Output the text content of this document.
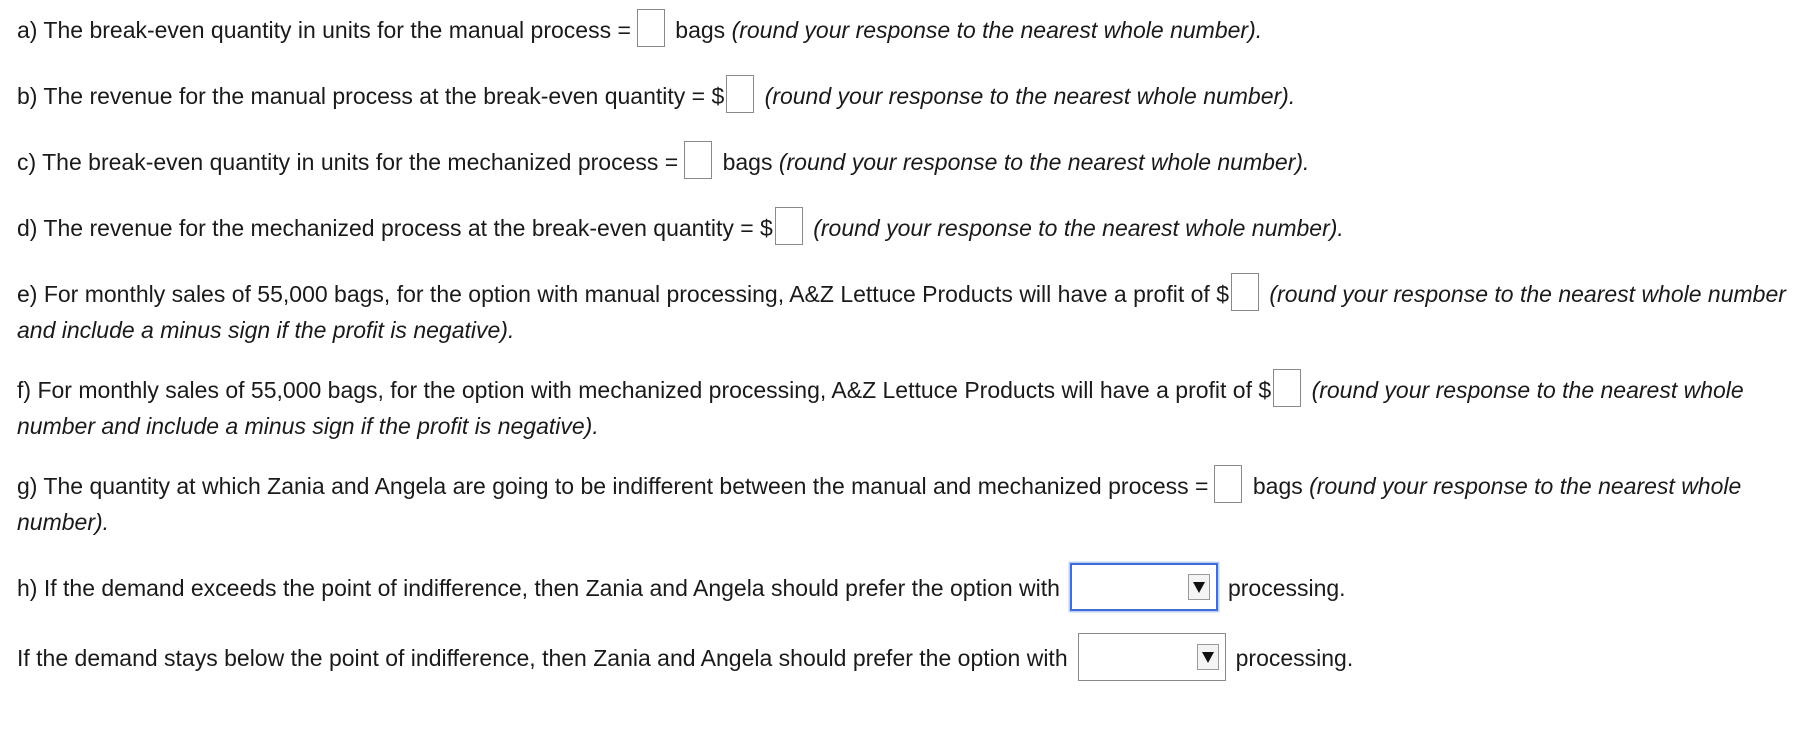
a) The break-even quantity in units for the manual process = bags (round your response to the nearest whole number).
b) The revenue for the manual process at the break-even quantity = $ (round your response to the nearest whole number).
c) The break-even quantity in units for the mechanized process = bags (round your response to the nearest whole number).
d) The revenue for the mechanized process at the break-even quantity = $ (round your response to the nearest whole number).
e) For monthly sales of 55,000 bags, for the option with manual processing, A&Z Lettuce Products will have a profit of $ (round your response to the nearest whole number and include a minus sign if the profit is negative).
f) For monthly sales of 55,000 bags, for the option with mechanized processing, A&Z Lettuce Products will have a profit of $ (round your response to the nearest whole number and include a minus sign if the profit is negative).
g) The quantity at which Zania and Angela are going to be indifferent between the manual and mechanized process = bags (round your response to the nearest whole number).
h) If the demand exceeds the point of indifference, then Zania and Angela should prefer the option with	processing.
If the demand stays below the point of indifference, then Zania and Angela should prefer the option with	processing.
